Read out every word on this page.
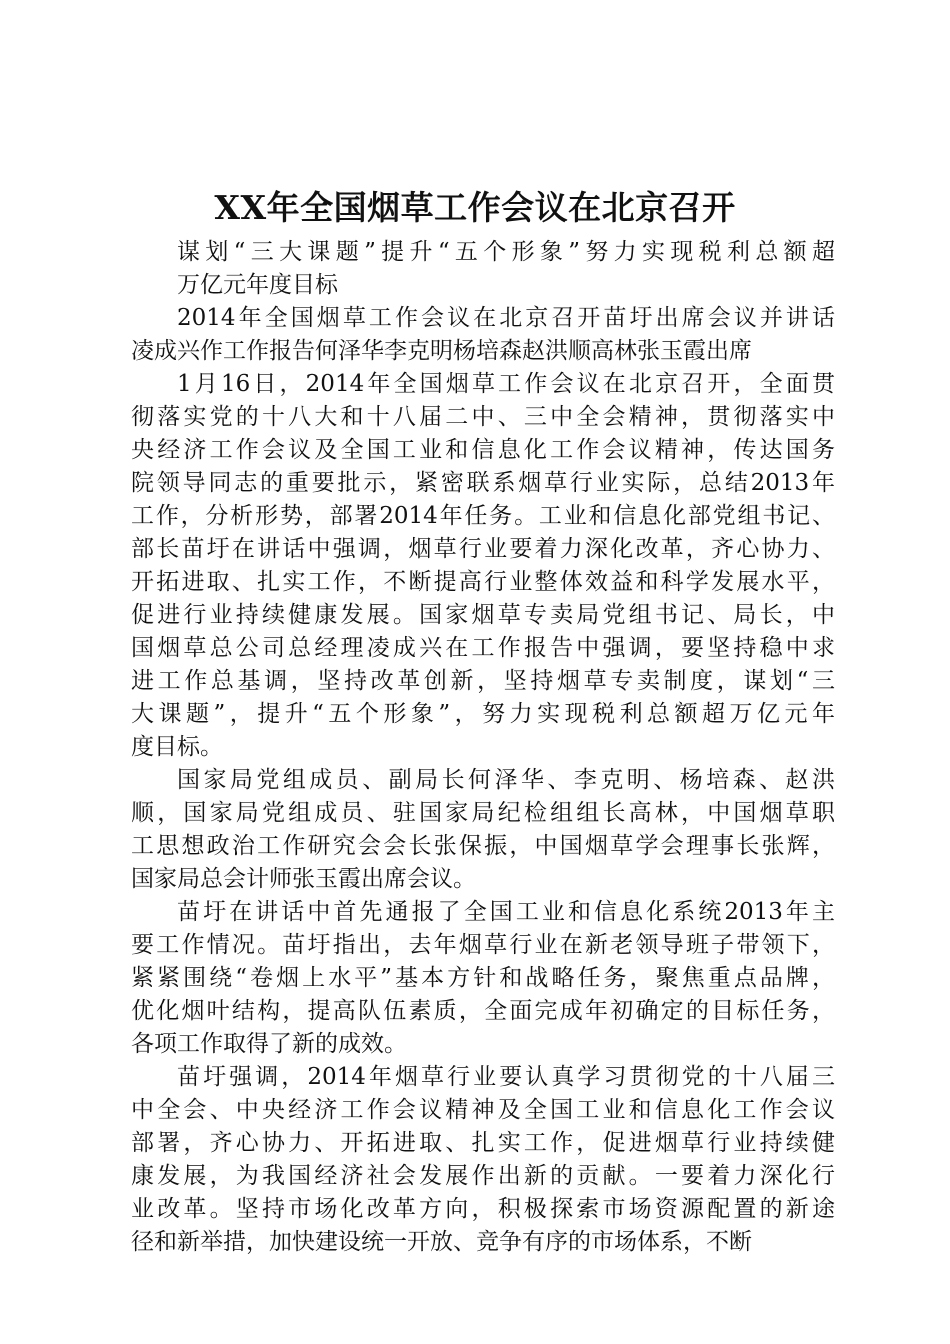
XX年全国烟草工作会议在北京召开
谋划“三大课题”提升“五个形象”努力实现税利总额超
万亿元年度目标
2014年全国烟草工作会议在北京召开苗圩出席会议并讲话
凌成兴作工作报告何泽华李克明杨培森赵洪顺高林张玉霞出席
1月16日，2014年全国烟草工作会议在北京召开，全面贯
彻落实党的十八大和十八届二中、三中全会精神，贯彻落实中
央经济工作会议及全国工业和信息化工作会议精神，传达国务
院领导同志的重要批示，紧密联系烟草行业实际，总结2013年
工作，分析形势，部署2014年任务。工业和信息化部党组书记、
部长苗圩在讲话中强调，烟草行业要着力深化改革，齐心协力、
开拓进取、扎实工作，不断提高行业整体效益和科学发展水平，
促进行业持续健康发展。国家烟草专卖局党组书记、局长，中
国烟草总公司总经理凌成兴在工作报告中强调，要坚持稳中求
进工作总基调，坚持改革创新，坚持烟草专卖制度，谋划“三
大课题”，提升“五个形象”，努力实现税利总额超万亿元年
度目标。
国家局党组成员、副局长何泽华、李克明、杨培森、赵洪
顺，国家局党组成员、驻国家局纪检组组长高林，中国烟草职
工思想政治工作研究会会长张保振，中国烟草学会理事长张辉，
国家局总会计师张玉霞出席会议。
苗圩在讲话中首先通报了全国工业和信息化系统2013年主
要工作情况。苗圩指出，去年烟草行业在新老领导班子带领下，
紧紧围绕“卷烟上水平”基本方针和战略任务，聚焦重点品牌，
优化烟叶结构，提高队伍素质，全面完成年初确定的目标任务，
各项工作取得了新的成效。
苗圩强调，2014年烟草行业要认真学习贯彻党的十八届三
中全会、中央经济工作会议精神及全国工业和信息化工作会议
部署，齐心协力、开拓进取、扎实工作，促进烟草行业持续健
康发展，为我国经济社会发展作出新的贡献。一要着力深化行
业改革。坚持市场化改革方向，积极探索市场资源配置的新途
径和新举措，加快建设统一开放、竞争有序的市场体系，不断
